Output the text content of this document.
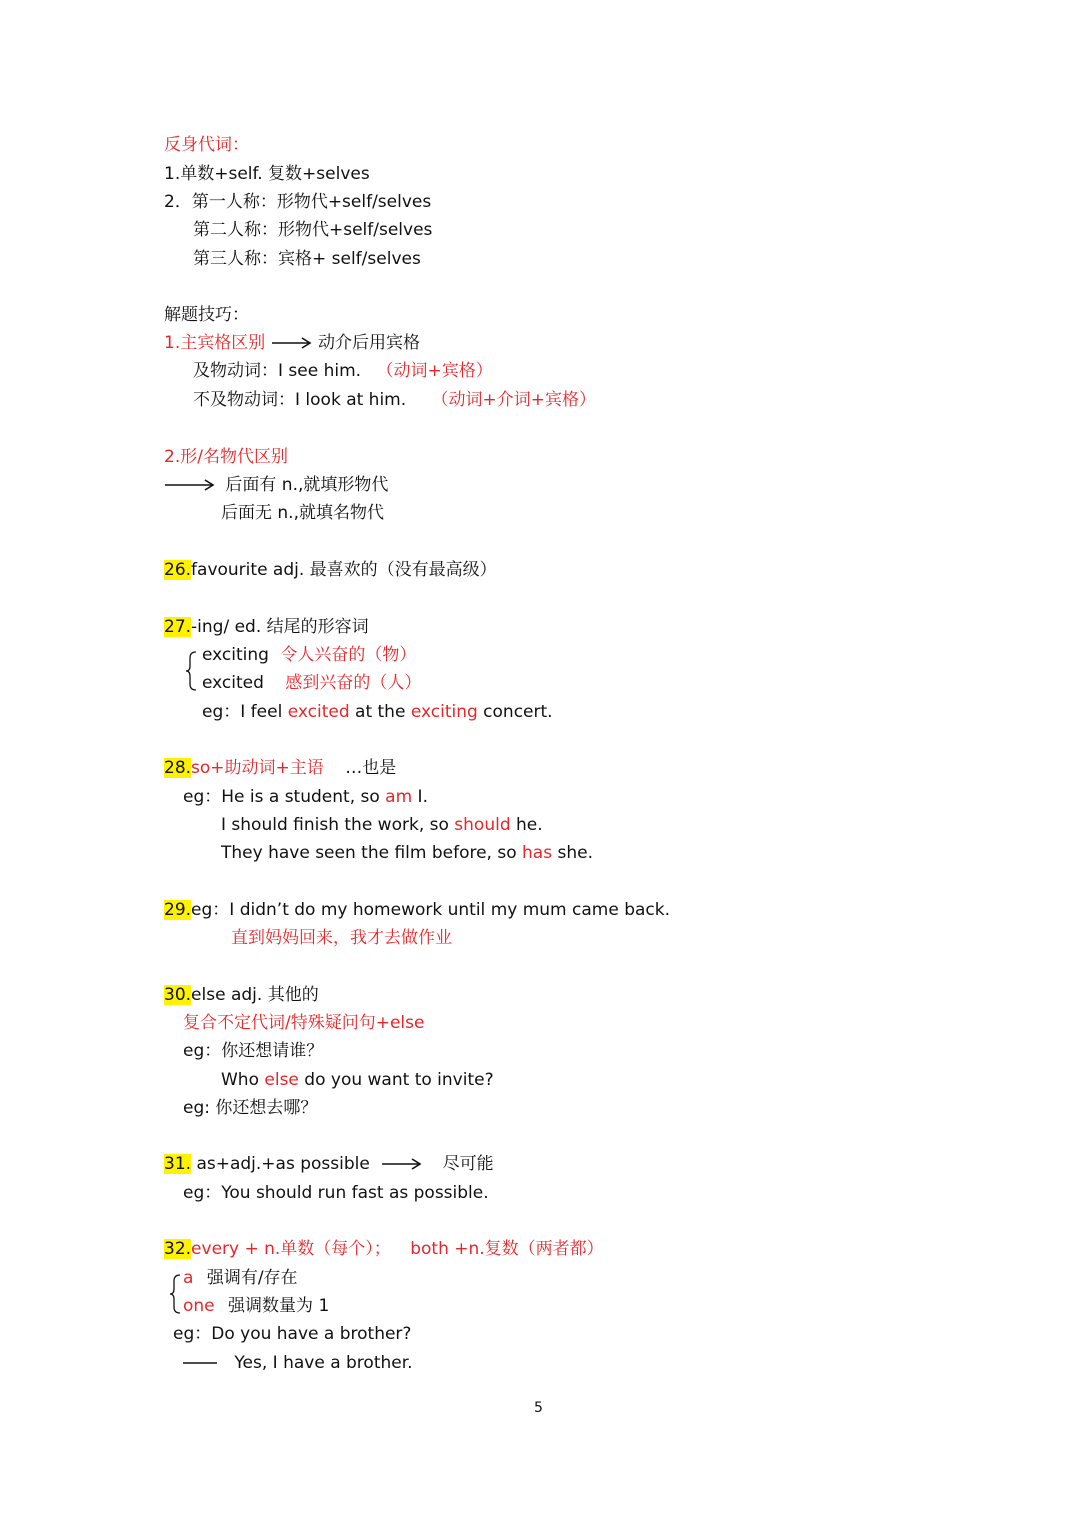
反身代词：
1.单数+self. 复数+selves
2．第一人称：形物代+self/selves
第二人称：形物代+self/selves
第三人称：宾格+ self/selves
解题技巧：
1.主宾格区别	动介后用宾格
及物动词：I see him. （动词+宾格）
不及物动词：I look at him. （动词+介词+宾格）
2.形/名物代区别
后面有 n.,就填形物代
后面无 n.,就填名物代
26.favourite adj. 最喜欢的（没有最高级）
27.-ing/ ed. 结尾的形容词
exciting 令人兴奋的（物）
excited 感到兴奋的（人）
eg：I feel excited at the exciting concert.
28.so+助动词+主语 …也是
eg：He is a student, so am I.
I should finish the work, so should he.
They have seen the film before, so has she.
29.eg：I didn’t do my homework until my mum came back.
直到妈妈回来，我才去做作业
30.else adj. 其他的
复合不定代词/特殊疑问句+else
eg：你还想请谁？
Who else do you want to invite?
eg: 你还想去哪？
31. as+adj.+as possible	尽可能
eg：You should run fast as possible.
32.every + n.单数（每个）； both +n.复数（两者都）
a 强调有/存在
one 强调数量为 1
eg：Do you have a brother?
Yes, I have a brother.
5
